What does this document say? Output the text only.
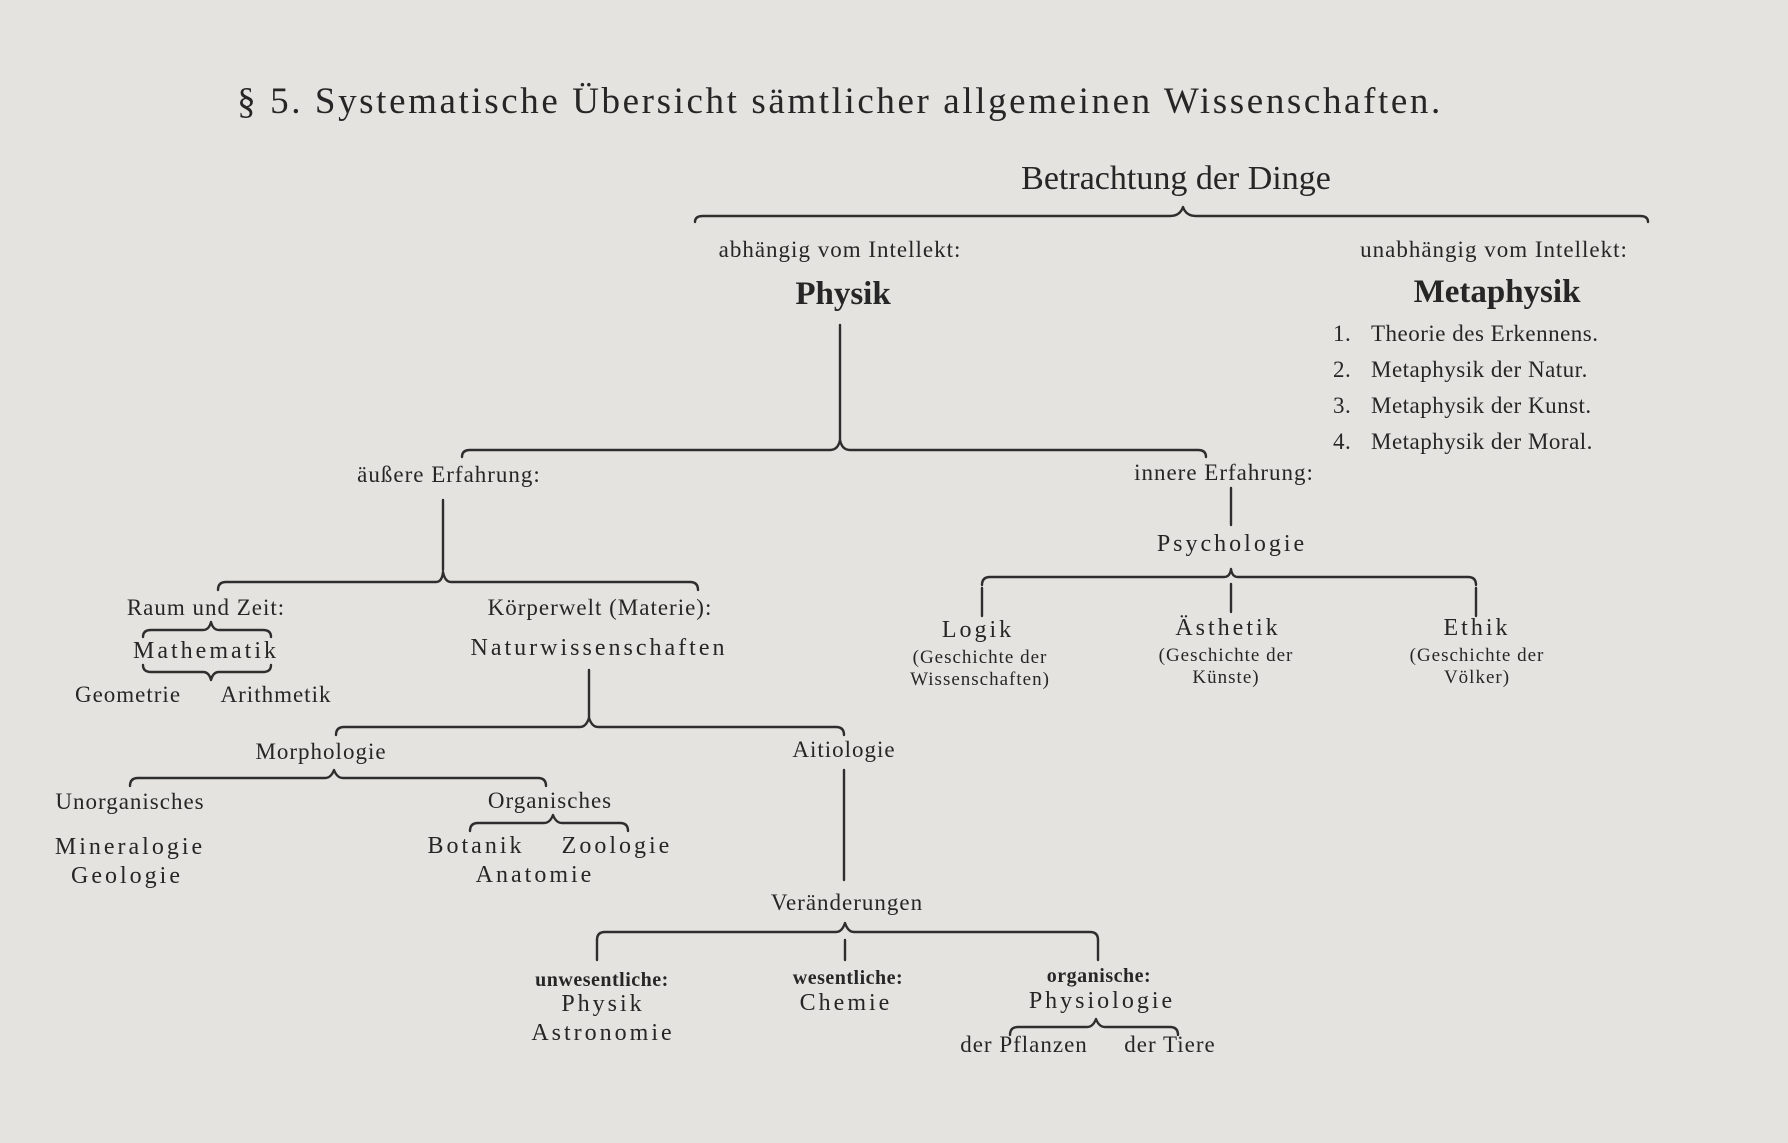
§ 5. Systematische Übersicht sämtlicher allgemeinen Wissenschaften.
Betrachtung der Dinge
abhängig vom Intellekt:
Physik
unabhängig vom Intellekt:
Metaphysik
1. Theorie des Erkennens.
2. Metaphysik der Natur.
3. Metaphysik der Kunst.
4. Metaphysik der Moral.
äußere Erfahrung:	innere Erfahrung:
Psychologie
Logik
(Geschichte der
Wissenschaften)
Ästhetik
(Geschichte der
Künste)
Ethik
(Geschichte der
Völker)
Raum und Zeit:
Mathematik
Geometrie Arithmetik
Körperwelt (Materie):
Naturwissenschaften
Morphologie	Aitiologie
Unorganisches
Mineralogie
Geologie
Organisches
Botanik Zoologie
Anatomie
Veränderungen
unwesentliche:
Physik
Astronomie
wesentliche:
Chemie
organische:
Physiologie
der Pflanzen der Tiere
